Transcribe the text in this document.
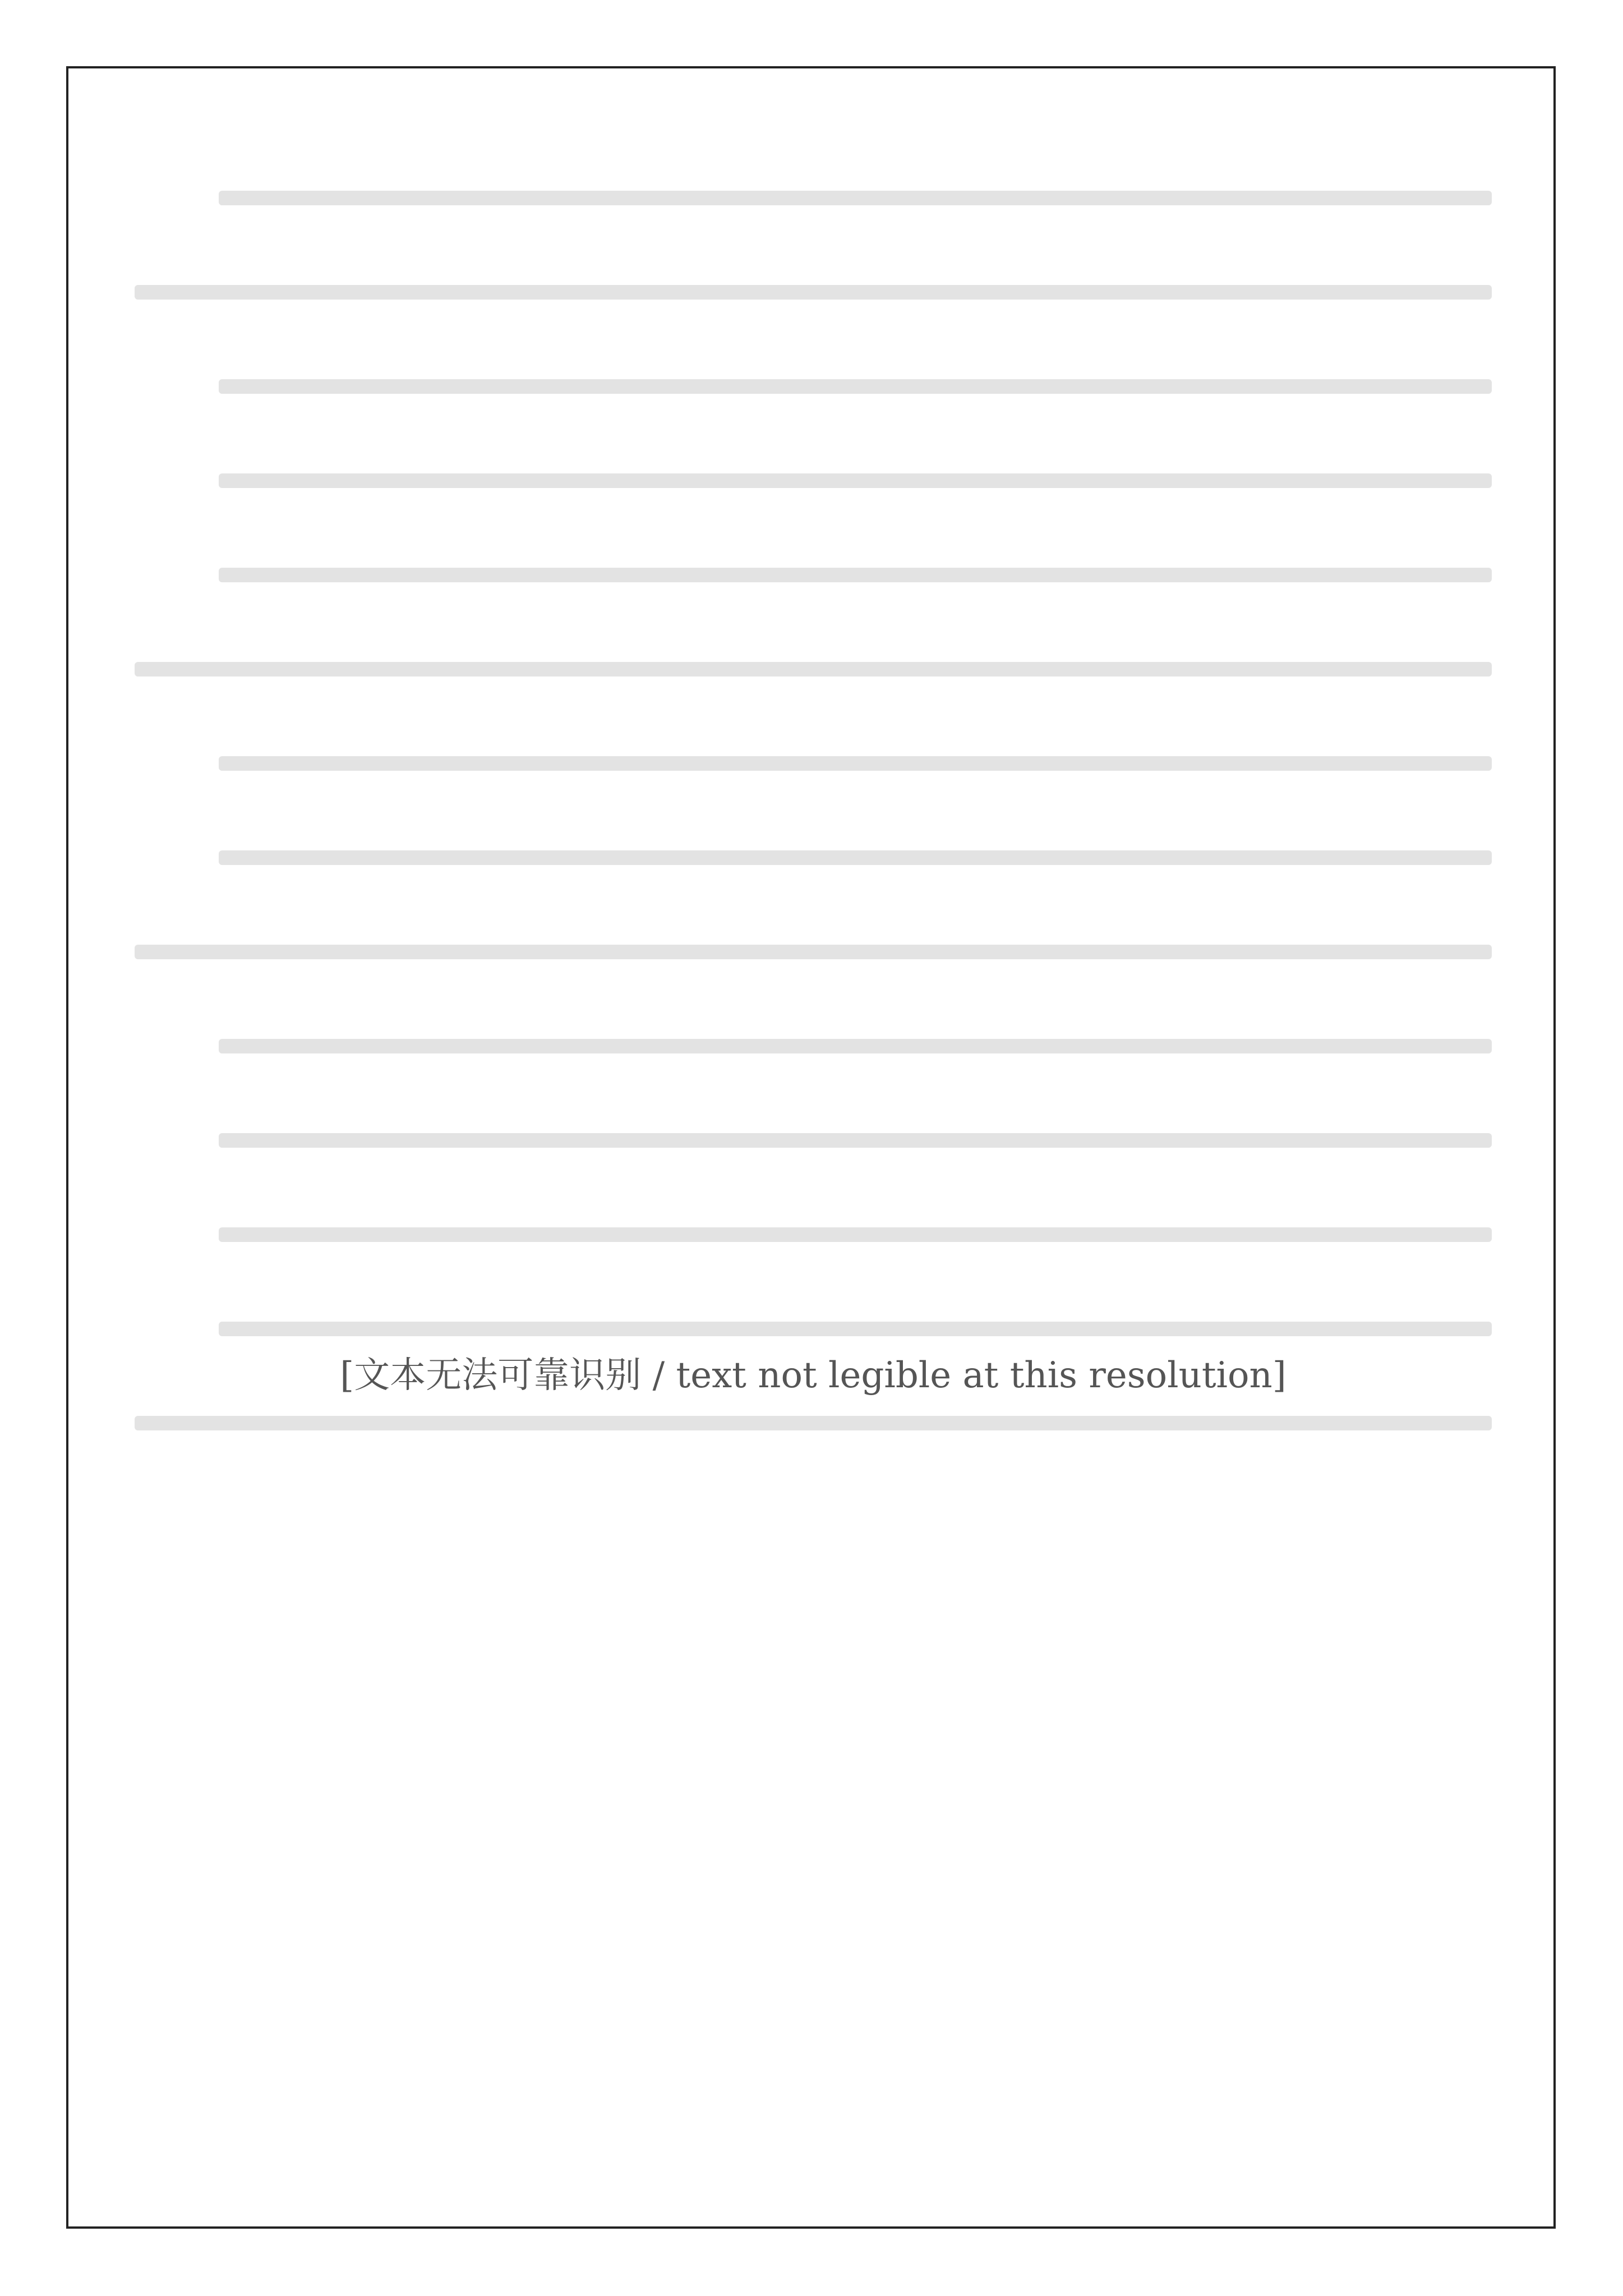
[文本无法可靠识别 / text not legible at this resolution]
